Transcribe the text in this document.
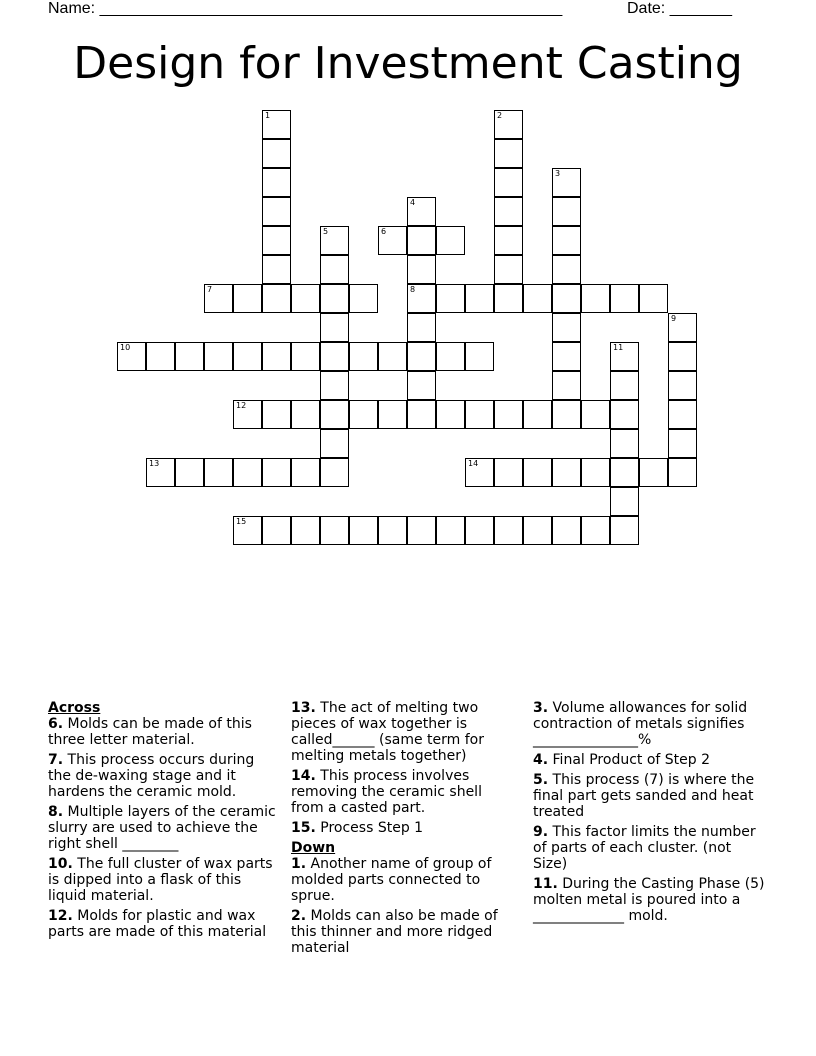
Name: ____________________________________________________	Date: _______
Design for Investment Casting
1	2
3
4
5	6
7	8
9
10	11
12
13	14
15

Across

6. Molds can be made of this three letter material.

7. This process occurs during the de-waxing stage and it hardens the ceramic mold.

8. Multiple layers of the ceramic slurry are used to achieve the right shell ________

10. The full cluster of wax parts is dipped into a flask of this liquid material.

12. Molds for plastic and wax parts are made of this material

13. The act of melting two pieces of wax together is called______ (same term for melting metals together)

14. This process involves removing the ceramic shell from a casted part.

15. Process Step 1

Down

1. Another name of group of molded parts connected to sprue.

2. Molds can also be made of this thinner and more ridged material

3. Volume allowances for solid contraction of metals signifies _______________%

4. Final Product of Step 2

5. This process (7) is where the final part gets sanded and heat treated

9. This factor limits the number of parts of each cluster. (not Size)

11. During the Casting Phase (5) molten metal is poured into a _____________ mold.
